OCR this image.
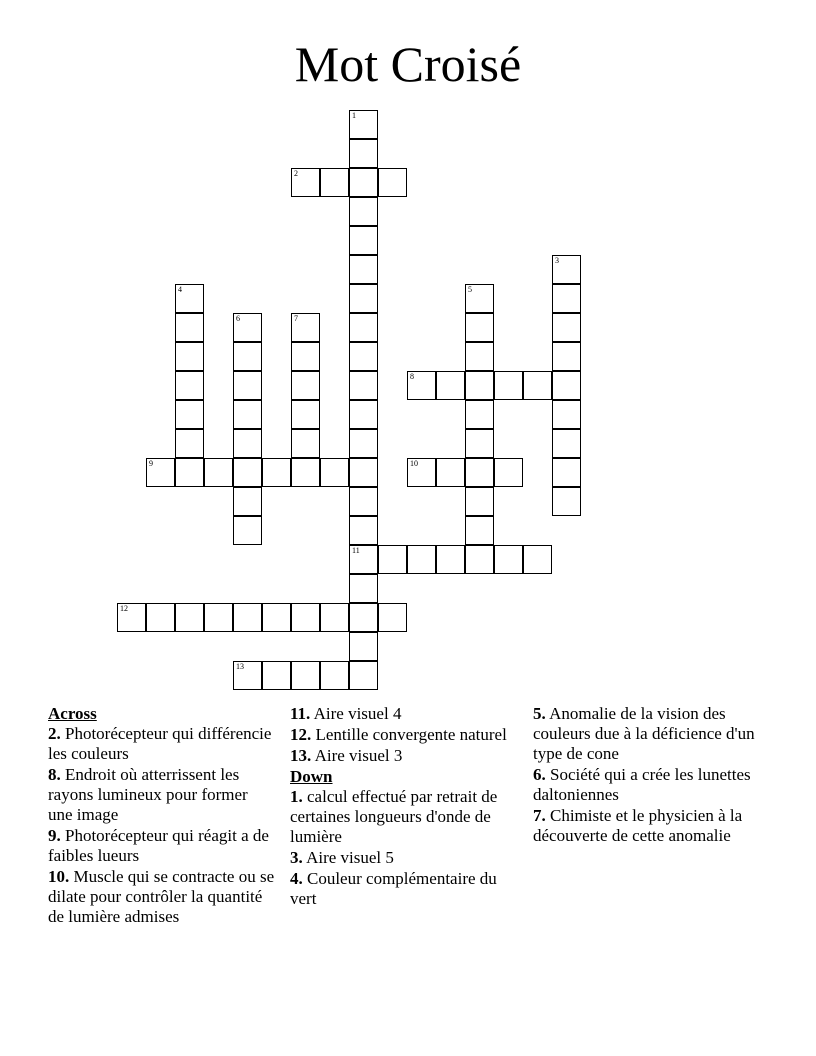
Mot Croisé
1
11
2
3
4	5
6	7
8
9	10
12
13
Across
2. Photorécepteur qui différencie les couleurs
8. Endroit où atterrissent les rayons lumineux pour former une image
9. Photorécepteur qui réagit a de faibles lueurs
10. Muscle qui se contracte ou se dilate pour contrôler la quantité de lumière admises
11. Aire visuel 4
12. Lentille convergente naturel
13. Aire visuel 3
Down
1. calcul effectué par retrait de certaines longueurs d'onde de lumière
3. Aire visuel 5
4. Couleur complémentaire du vert
5. Anomalie de la vision des couleurs due à la déficience d'un type de cone
6. Société qui a crée les lunettes daltoniennes
7. Chimiste et le physicien à la découverte de cette anomalie
